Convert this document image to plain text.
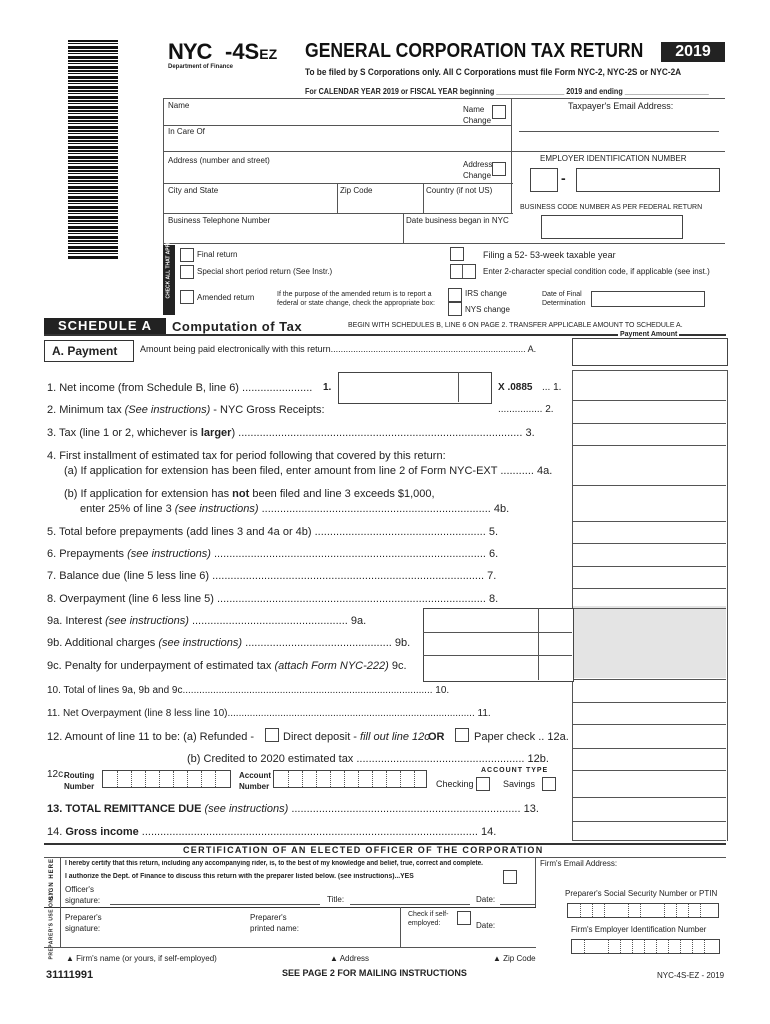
NYC
Department of Finance
-4SEZ GENERAL CORPORATION TAX RETURN	2019
To be filed by S Corporations only. All C Corporations must file Form NYC-2, NYC-2S or NYC-2A
For CALENDAR YEAR 2019 or FISCAL YEAR beginning _________________ 2019 and ending _____________________
Name	Name
Change
Taxpayer's Email Address:
In Care Of
Address (number and street)	Address
Change
EMPLOYER IDENTIFICATION NUMBER
-
City and State	Zip Code	Country (if not US)
BUSINESS CODE NUMBER AS PER FEDERAL RETURN
Business Telephone Number	Date business began in NYC
CHECK ALL THAT APPLY	Final return
Special short period return (See Instr.)
Amended return	If the purpose of the amended return is to report a federal or state change, check the appropriate box:
IRS change
NYS change
Filing a 52- 53-week taxable year
Enter 2-character special condition code, if applicable (see inst.)
Date of Final
Determination
SCHEDULE A	Computation of Tax	BEGIN WITH SCHEDULES B, LINE 6 ON PAGE 2. TRANSFER APPLICABLE AMOUNT TO SCHEDULE A.
Payment Amount
A. Payment	Amount being paid electronically with this return.............................................................................. A.
1. Net income (from Schedule B, line 6) ....................... 1.	X .0885 ... 1.
2. Minimum tax (See instructions) - NYC Gross Receipts:	................ 2.
3. Tax (line 1 or 2, whichever is larger) ............................................................................................. 3.
4. First installment of estimated tax for period following that covered by this return:
(a) If application for extension has been filed, enter amount from line 2 of Form NYC-EXT ........... 4a.
(b) If application for extension has not been filed and line 3 exceeds $1,000,
enter 25% of line 3 (see instructions) ........................................................................... 4b.
5. Total before prepayments (add lines 3 and 4a or 4b) ........................................................ 5.
6. Prepayments (see instructions) ......................................................................................... 6.
7. Balance due (line 5 less line 6) ......................................................................................... 7.
8. Overpayment (line 6 less line 5) ........................................................................................ 8.
9a. Interest (see instructions) ................................................... 9a.
9b. Additional charges (see instructions) ................................................ 9b.
9c. Penalty for underpayment of estimated tax (attach Form NYC-222) 9c.
10. Total of lines 9a, 9b and 9c.......................................................................................... 10.
11. Net Overpayment (line 8 less line 10)......................................................................................... 11.
12. Amount of line 11 to be: (a) Refunded -	Direct deposit - fill out line 12c
OR	Paper check .. 12a.
(b) Credited to 2020 estimated tax ....................................................... 12b.
12c.
Routing
Number
Account
Number
ACCOUNT TYPE
Checking	Savings
13. TOTAL REMITTANCE DUE (see instructions) ........................................................................... 13.
14. Gross income .............................................................................................................. 14.
CERTIFICATION OF AN ELECTED OFFICER OF THE CORPORATION
SIGN HERE I hereby certify that this return, including any accompanying rider, is, to the best of my knowledge and belief, true, correct and complete.	Firm's Email Address:
I authorize the Dept. of Finance to discuss this return with the preparer listed below. (see instructions)...YES
Officer's
signature:	Title:	Date:
Preparer's Social Security Number or PTIN
PREPARER'S USE ONLY Preparer's
signature:
Preparer's
printed name:
Check if self-
employed:	Date:	Firm's Employer Identification Number
▲ Firm's name (or yours, if self-employed)	▲ Address	▲ Zip Code
31111991	SEE PAGE 2 FOR MAILING INSTRUCTIONS	NYC-4S-EZ - 2019
